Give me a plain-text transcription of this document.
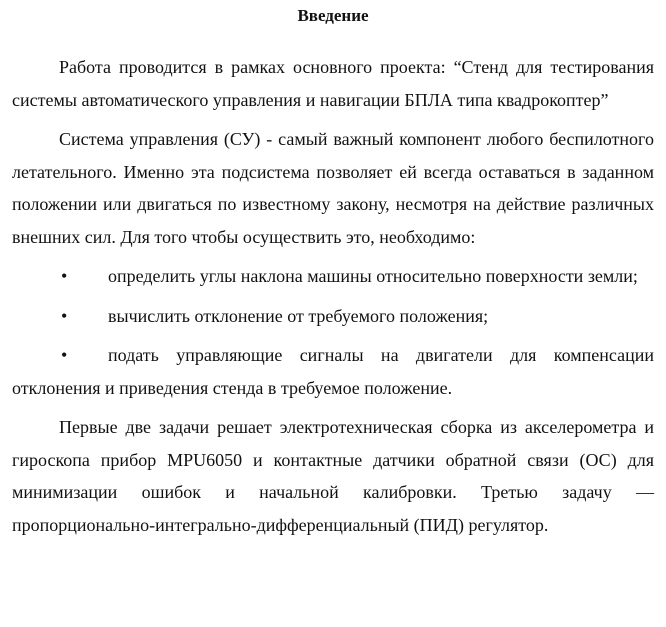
Введение

Работа проводится в рамках основного проекта: “Стенд для тестирования системы автоматического управления и навигации БПЛА типа квадрокоптер”

Система управления (СУ) - самый важный компонент любого беспилотного летательного. Именно эта подсистема позволяет ей всегда оставаться в заданном положении или двигаться по известному закону, несмотря на действие различных внешних сил. Для того чтобы осуществить это, необходимо:

• определить углы наклона машины относительно поверхности земли;
• вычислить отклонение от требуемого положения;
• подать управляющие сигналы на двигатели для компенсации отклонения и приведения стенда в требуемое положение.

Первые две задачи решает электротехническая сборка из акселерометра и гироскопа прибор MPU6050 и контактные датчики обратной связи (ОС) для минимизации ошибок и начальной калибровки. Третью задачу — пропорционально-интегрально-дифференциальный (ПИД) регулятор.
